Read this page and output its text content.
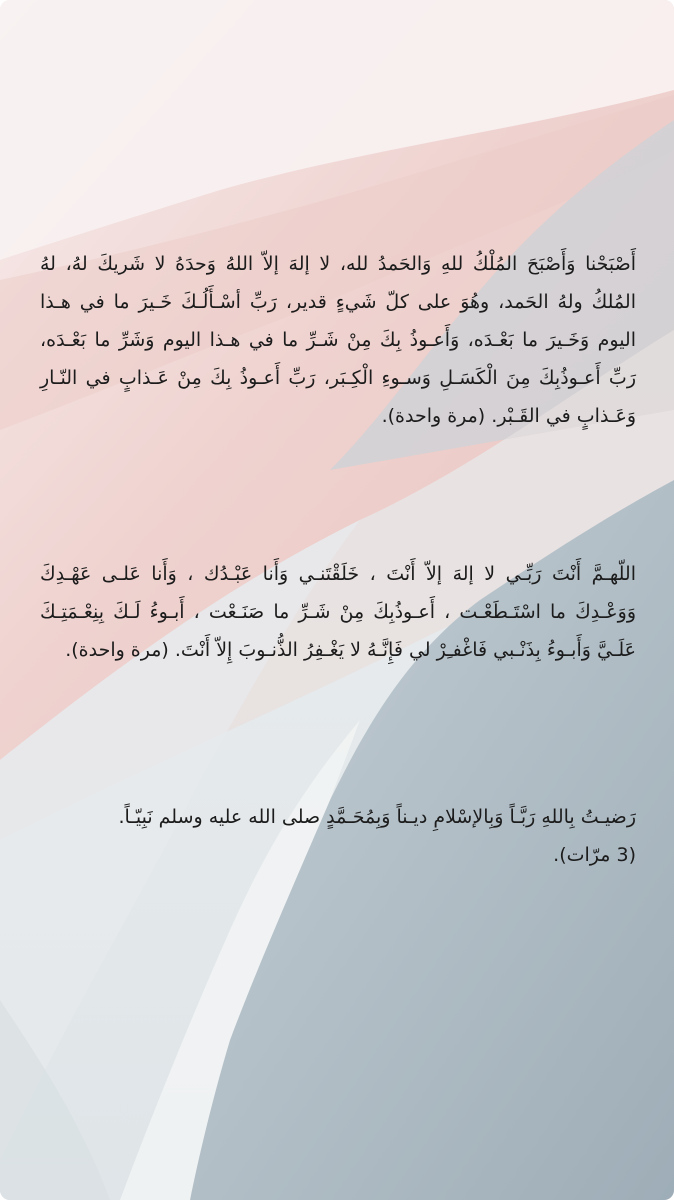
أَصْبَحْنا وَأَصْبَحَ المُلْكُ للهِ وَالحَمدُ لله، لا إلهَ إلاّ اللهُ وَحدَهُ لا شَريكَ لهُ، لهُ المُلكُ ولهُ الحَمد، وهُوَ على كلّ شَيءٍ قدير، رَبِّ أسْـأَلُـكَ خَـيرَ ما في هـذا اليوم وَخَـيرَ ما بَعْـدَه، وَأَعـوذُ بِكَ مِنْ شَـرِّ ما في هـذا اليوم وَشَرِّ ما بَعْـدَه، رَبِّ أَعـوذُبِكَ مِنَ الْكَسَـلِ وَسـوءِ الْكِـبَر، رَبِّ أَعـوذُ بِكَ مِنْ عَـذابٍ في النّـارِ وَعَـذابٍ في القَـبْر. (مرة واحدة).

اللّهـمَّ أَنْتَ رَبِّـي لا إلهَ إلاّ أَنْتَ ، خَلَقْتَنـي وَأَنا عَبْـدُك ، وَأَنا عَلـى عَهْـدِكَ وَوَعْـدِكَ ما اسْتَـطَعْـت ، أَعـوذُبِكَ مِنْ شَـرِّ ما صَنَـعْت ، أَبـوءُ لَـكَ بِنِعْـمَتِـكَ عَلَـيَّ وَأَبـوءُ بِذَنْـبي فَاغْفـِرْ لي فَإِنَّـهُ لا يَغْـفِرُ الذُّنـوبَ إِلاّ أَنْتَ. (مرة واحدة).

رَضيـتُ بِاللهِ رَبَّـاً وَبِالإسْلامِ ديـناً وَبِمُحَـمَّدٍ صلى الله عليه وسلم نَبِيّـاً.
(3 مرّات).
